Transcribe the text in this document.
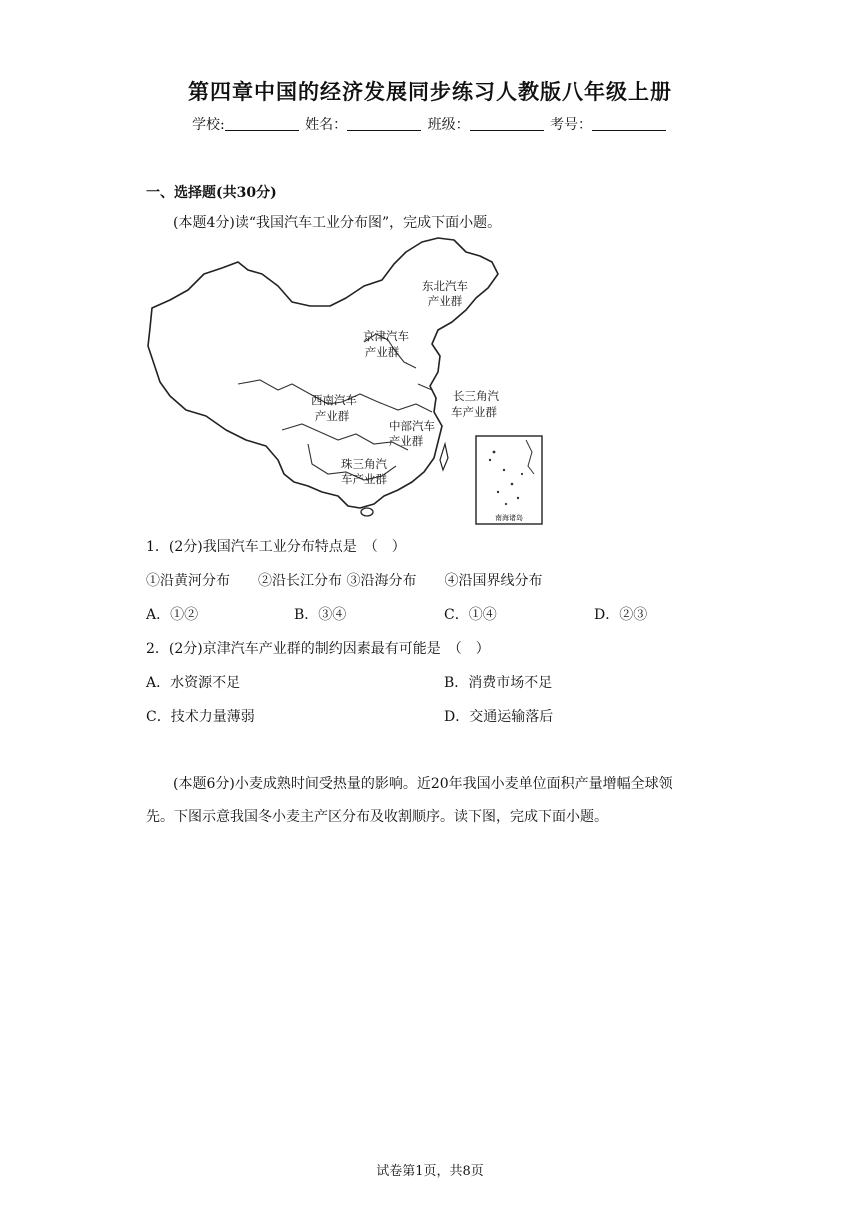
第四章中国的经济发展同步练习人教版八年级上册
学校:	姓名：	班级：	考号：
一、选择题(共30分)
(本题4分)读“我国汽车工业分布图”，完成下面小题。
南海诸岛
东北汽车
产业群
京津汽车
产业群
西南汽车
产业群
长三角汽
车产业群
中部汽车
产业群
珠三角汽
车产业群
1．(2分)我国汽车工业分布特点是　（　）
①沿黄河分布　　②沿长江分布 ③沿海分布　　④沿国界线分布
A．①②	B．③④	C．①④	D．②③
2．(2分)京津汽车产业群的制约因素最有可能是　（　）
A．水资源不足	B．消费市场不足
C．技术力量薄弱	D．交通运输落后
(本题6分)小麦成熟时间受热量的影响。近20年我国小麦单位面积产量增幅全球领
先。下图示意我国冬小麦主产区分布及收割顺序。读下图，完成下面小题。
试卷第1页，共8页
